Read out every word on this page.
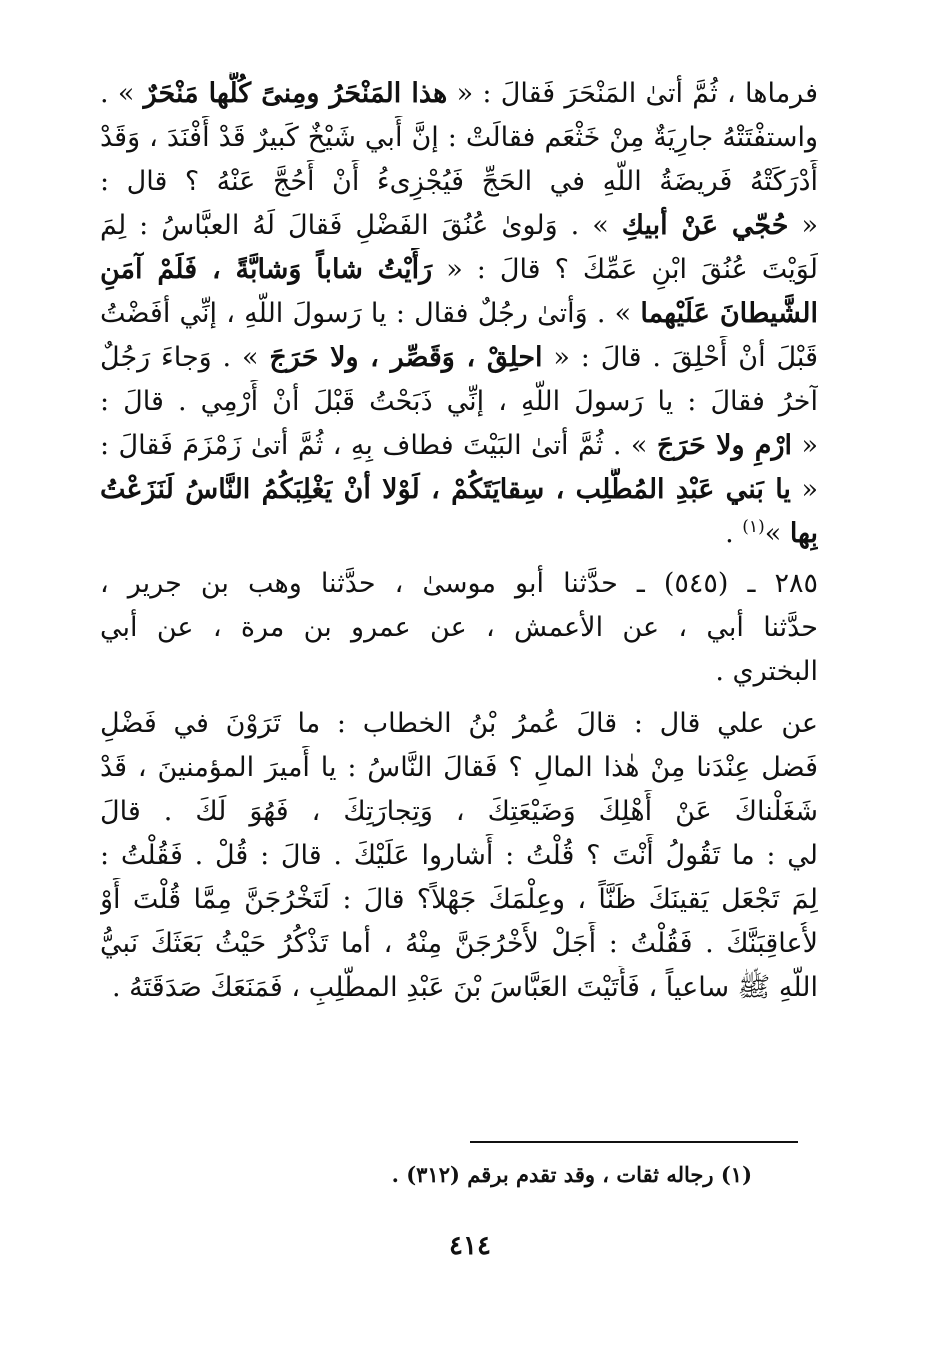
فرماها ، ثُمَّ أتىٰ المَنْحَرَ فَقالَ : « هذا المَنْحَرُ ومِنىً كُلُّها مَنْحَرٌ » .
واستفْتَتْهُ جارِيَةٌ مِنْ خَثْعَم فقالَتْ : إنَّ أَبي شَيْخٌ كَبيرٌ قَدْ أَفْنَدَ ، وَقَدْ
أَدْرَكَتْهُ فَريضَةُ اللّهِ في الحَجِّ فَيُجْزِىءُ أَنْ أَحُجَّ عَنْهُ ؟ قال :
« حُجّي عَنْ أبيكِ » . وَلوىٰ عُنُقَ الفَضْلِ فَقالَ لَهُ العبَّاسُ : لِمَ
لَوَيْتَ عُنُقَ ابْنِ عَمِّكَ ؟ قالَ : « رَأَيْتُ شاباً وَشابَّةً ، فَلَمْ آمَنِ
الشَّيطانَ عَلَيْهما » . وَأتىٰ رجُلٌ فقال : يا رَسولَ اللّهِ ، إنِّي أفَضْتُ
قَبْلَ أنْ أَحْلِقَ . قالَ : « احلِقْ ، وَقَصِّر ، ولا حَرَجَ » . وَجاءَ رَجُلٌ
آخرُ فقالَ : يا رَسولَ اللّهِ ، إنِّي ذَبَحْتُ قَبْلَ أنْ أَرْمِي . قالَ :
« ارْمِ ولا حَرَجَ » . ثُمَّ أتىٰ البَيْتَ فطاف بِهِ ، ثُمَّ أتىٰ زَمْزَمَ فَقالَ :
« يا بَني عَبْدِ المُطَّلِب ، سِقايَتَكُمْ ، لَوْلا أنْ يَغْلِبَكُمُ النَّاسُ لَنَزَعْتُ
بِها »$^{(١)}$ .
٢٨٥ ـ (٥٤٥) ـ حدَّثنا أبو موسىٰ ، حدَّثنا وهب بن جرير ،
حدَّثنا أبي ، عن الأعمش ، عن عمرو بن مرة ، عن أبي
البختري .
عن علي قال : قالَ عُمرُ بْنُ الخطاب : ما تَرَوْنَ في فَضْلِ
فَضل عِنْدَنا مِنْ هٰذا المالِ ؟ فَقالَ النَّاسُ : يا أَميرَ المؤمنينَ ، قَدْ
شَغَلْناكَ عَنْ أَهْلِكَ وَضَيْعَتِكَ ، وَتِجارَتِكَ ، فَهُوَ لَكَ . قالَ
لي : ما تَقُولُ أَنْتَ ؟ قُلْتُ : أَشاروا عَلَيْكَ . قالَ : قُلْ . فَقُلْتُ :
لِمَ تَجْعَل يَقينَكَ ظَنَّاً ، وعِلْمَكَ جَهْلاً؟ قالَ : لَتَخْرُجَنَّ مِمَّا قُلْتَ أَوْ
لأُعاقِبَنَّكَ . فَقُلْتُ : أَجَلْ لأَخْرُجَنَّ مِنْهُ ، أما تَذْكُرُ حَيْثُ بَعَثَكَ نَبيُّ
اللّهِ ﷺ ساعياً ، فَأَتَيْتَ العَبَّاسَ بْنَ عَبْدِ المطَّلِبِ ، فَمَنَعَكَ صَدَقَتَهُ .
(١) رجاله ثقات ، وقد تقدم برقم (٣١٢) .
٤١٤
